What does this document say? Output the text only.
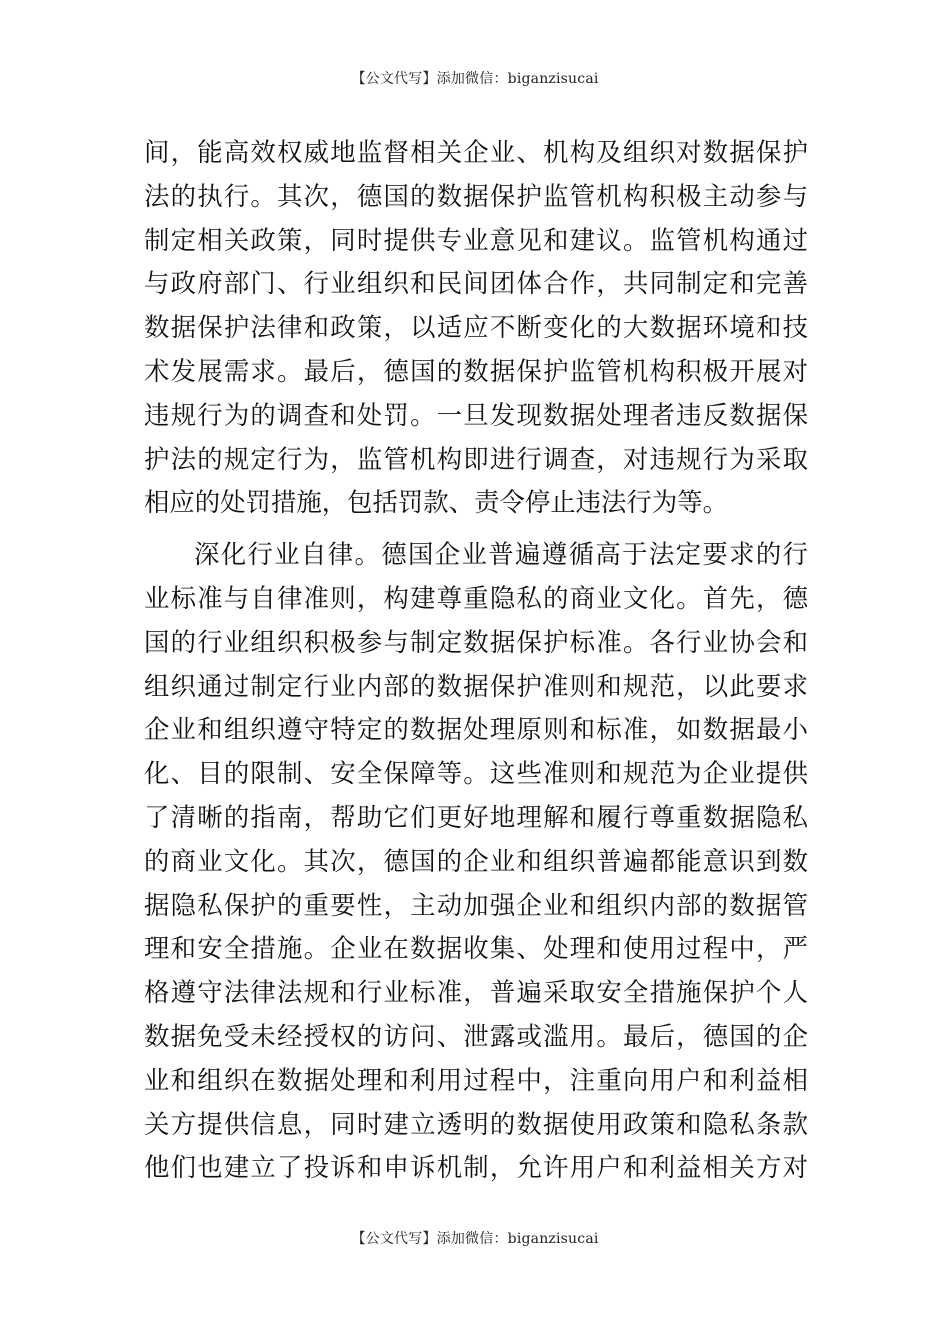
【公文代写】添加微信：biganzisucai
间，能高效权威地监督相关企业、机构及组织对数据保护
法的执行。其次，德国的数据保护监管机构积极主动参与
制定相关政策，同时提供专业意见和建议。监管机构通过
与政府部门、行业组织和民间团体合作，共同制定和完善
数据保护法律和政策，以适应不断变化的大数据环境和技
术发展需求。最后，德国的数据保护监管机构积极开展对
违规行为的调查和处罚。一旦发现数据处理者违反数据保
护法的规定行为，监管机构即进行调查，对违规行为采取
相应的处罚措施，包括罚款、责令停止违法行为等。
深化行业自律。德国企业普遍遵循高于法定要求的行
业标准与自律准则，构建尊重隐私的商业文化。首先，德
国的行业组织积极参与制定数据保护标准。各行业协会和
组织通过制定行业内部的数据保护准则和规范，以此要求
企业和组织遵守特定的数据处理原则和标准，如数据最小
化、目的限制、安全保障等。这些准则和规范为企业提供
了清晰的指南，帮助它们更好地理解和履行尊重数据隐私
的商业文化。其次，德国的企业和组织普遍都能意识到数
据隐私保护的重要性，主动加强企业和组织内部的数据管
理和安全措施。企业在数据收集、处理和使用过程中，严
格遵守法律法规和行业标准，普遍采取安全措施保护个人
数据免受未经授权的访问、泄露或滥用。最后，德国的企
业和组织在数据处理和利用过程中，注重向用户和利益相
关方提供信息，同时建立透明的数据使用政策和隐私条款
他们也建立了投诉和申诉机制，允许用户和利益相关方对
【公文代写】添加微信：biganzisucai
